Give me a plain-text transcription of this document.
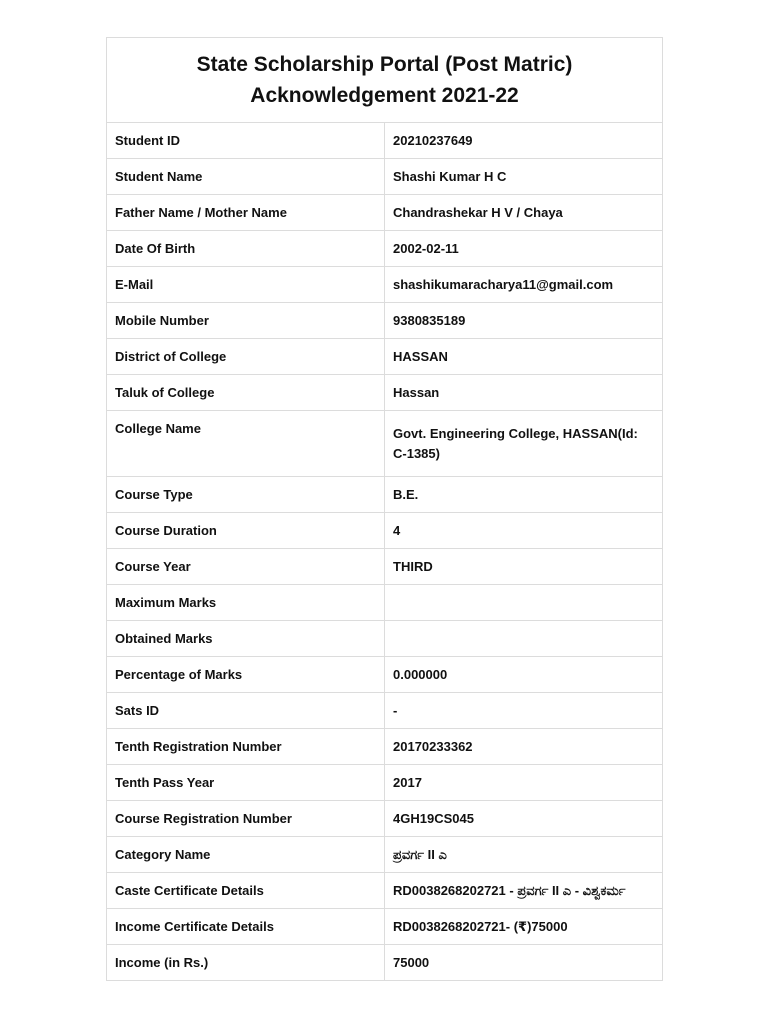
State Scholarship Portal (Post Matric)
Acknowledgement 2021-22	

Student ID	20210237649
Student Name	Shashi Kumar H C
Father Name / Mother Name	Chandrashekar H V / Chaya
Date Of Birth	2002-02-11
E-Mail	shashikumaracharya11@gmail.com
Mobile Number	9380835189
District of College	HASSAN
Taluk of College	Hassan
College Name	Govt. Engineering College, HASSAN(Id: C-1385)
Course Type	B.E.
Course Duration	4
Course Year	THIRD
Maximum Marks	
Obtained Marks	
Percentage of Marks	0.000000
Sats ID	-
Tenth Registration Number	20170233362
Tenth Pass Year	2017
Course Registration Number	4GH19CS045
Category Name	ಪ್ರವರ್ಗ II ಎ
Caste Certificate Details	RD0038268202721 - ಪ್ರವರ್ಗ II ಎ - ವಿಶ್ವಕರ್ಮ
Income Certificate Details	RD0038268202721- (₹)75000
Income (in Rs.)	75000
